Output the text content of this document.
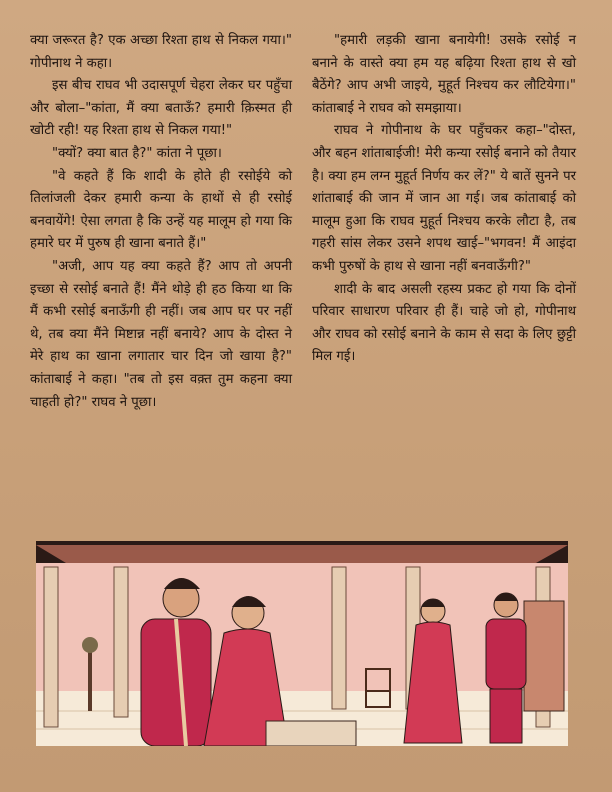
क्या जरूरत है? एक अच्छा रिश्ता हाथ से निकल गया।" गोपीनाथ ने कहा।

इस बीच राघव भी उदासपूर्ण चेहरा लेकर घर पहुँचा और बोला–"कांता, मैं क्या बताऊँ? हमारी क़िस्मत ही खोटी रही! यह रिश्ता हाथ से निकल गया!"

"क्यों? क्या बात है?" कांता ने पूछा।

"वे कहते हैं कि शादी के होते ही रसोईये को तिलांजली देकर हमारी कन्या के हाथों से ही रसोई बनवायेंगे! ऐसा लगता है कि उन्हें यह मालूम हो गया कि हमारे घर में पुरुष ही खाना बनाते हैं।"

"अजी, आप यह क्या कहते हैं? आप तो अपनी इच्छा से रसोई बनाते हैं! मैंने थोड़े ही हठ किया था कि मैं कभी रसोई बनाऊँगी ही नहीं। जब आप घर पर नहीं थे, तब क्या मैंने मिष्टान्न नहीं बनाये? आप के दोस्त ने मेरे हाथ का खाना लगातार चार दिन जो खाया है?" कांताबाई ने कहा। "तब तो इस वक़्त तुम कहना क्या चाहती हो?" राघव ने पूछा।

"हमारी लड़की खाना बनायेगी! उसके रसोई न बनाने के वास्ते क्या हम यह बढ़िया रिश्ता हाथ से खो बैठेंगे? आप अभी जाइये, मुहूर्त निश्चय कर लौटियेगा।" कांताबाई ने राघव को समझाया।

राघव ने गोपीनाथ के घर पहुँचकर कहा–"दोस्त, और बहन शांताबाईजी! मेरी कन्या रसोई बनाने को तैयार है। क्या हम लग्न मुहूर्त निर्णय कर लें?" ये बातें सुनने पर शांताबाई की जान में जान आ गई। जब कांताबाई को मालूम हुआ कि राघव मुहूर्त निश्चय करके लौटा है, तब गहरी सांस लेकर उसने शपथ खाई–"भगवन! मैं आइंदा कभी पुरुषों के हाथ से खाना नहीं बनवाऊँगी?"

शादी के बाद असली रहस्य प्रकट हो गया कि दोनों परिवार साधारण परिवार ही हैं। चाहे जो हो, गोपीनाथ और राघव को रसोई बनाने के काम से सदा के लिए छुट्टी मिल गई।
